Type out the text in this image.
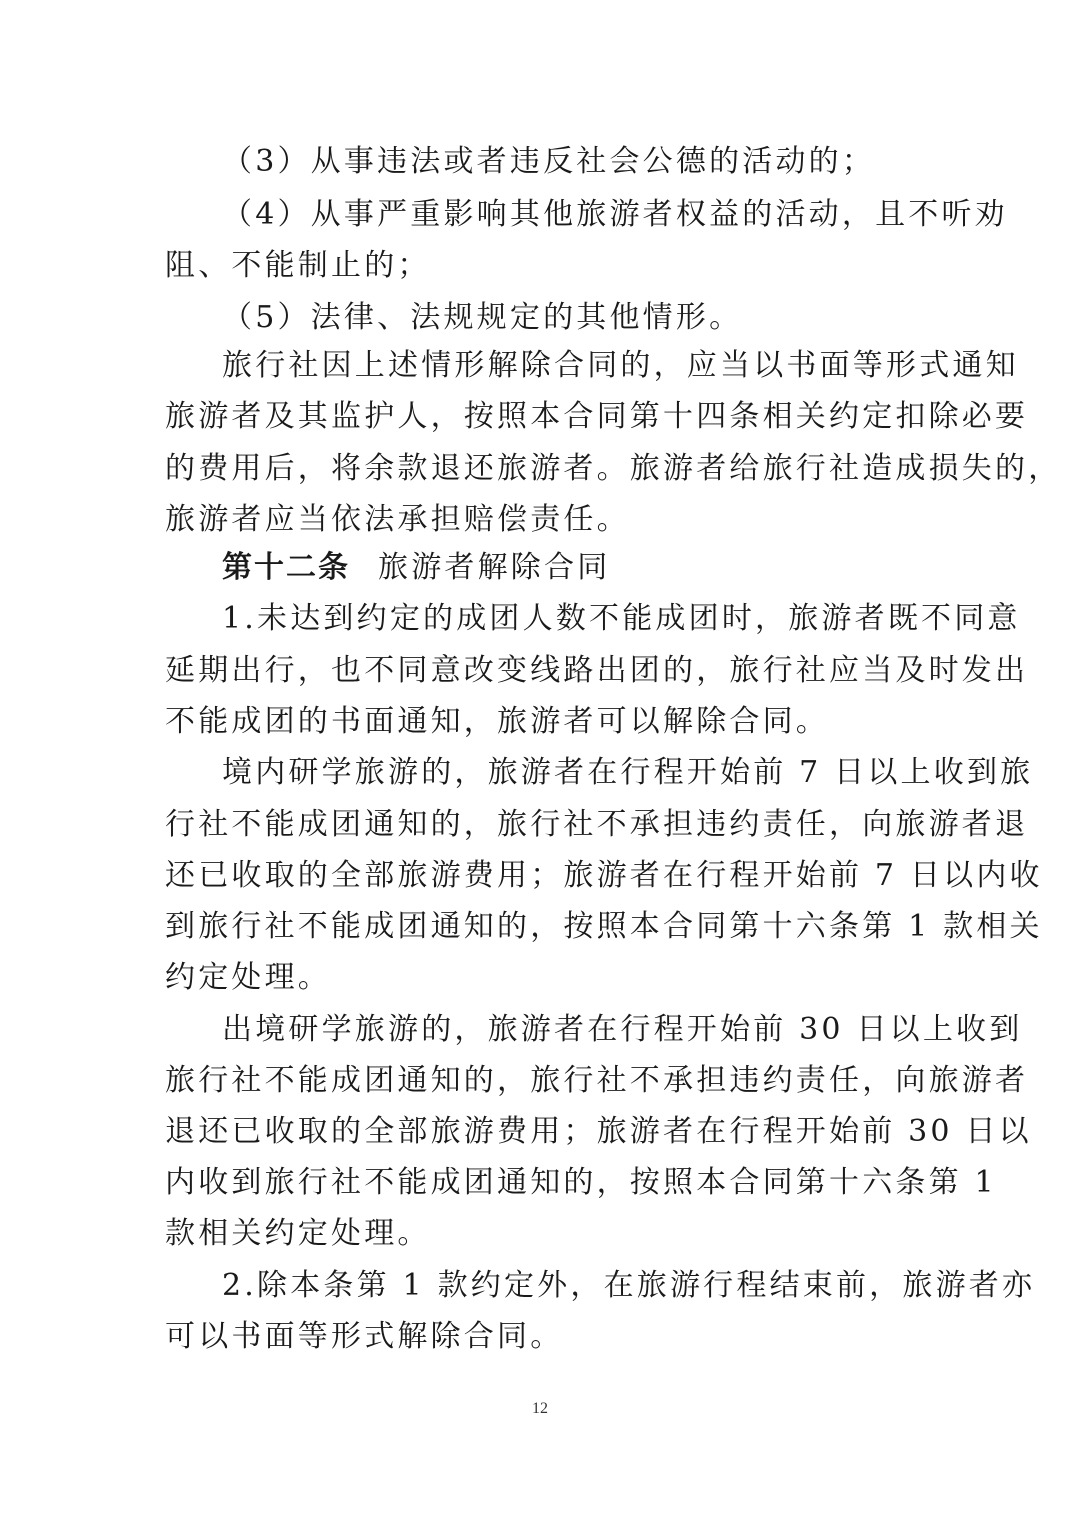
（3）从事违法或者违反社会公德的活动的；
（4）从事严重影响其他旅游者权益的活动，且不听劝
阻、不能制止的；
（5）法律、法规规定的其他情形。
旅行社因上述情形解除合同的，应当以书面等形式通知
旅游者及其监护人，按照本合同第十四条相关约定扣除必要
的费用后，将余款退还旅游者。旅游者给旅行社造成损失的，
旅游者应当依法承担赔偿责任。
第十二条 旅游者解除合同
1.未达到约定的成团人数不能成团时，旅游者既不同意
延期出行，也不同意改变线路出团的，旅行社应当及时发出
不能成团的书面通知，旅游者可以解除合同。
境内研学旅游的，旅游者在行程开始前 7 日以上收到旅
行社不能成团通知的，旅行社不承担违约责任，向旅游者退
还已收取的全部旅游费用；旅游者在行程开始前 7 日以内收
到旅行社不能成团通知的，按照本合同第十六条第 1 款相关
约定处理。
出境研学旅游的，旅游者在行程开始前 30 日以上收到
旅行社不能成团通知的，旅行社不承担违约责任，向旅游者
退还已收取的全部旅游费用；旅游者在行程开始前 30 日以
内收到旅行社不能成团通知的，按照本合同第十六条第 1
款相关约定处理。
2.除本条第 1 款约定外，在旅游行程结束前，旅游者亦
可以书面等形式解除合同。
12
